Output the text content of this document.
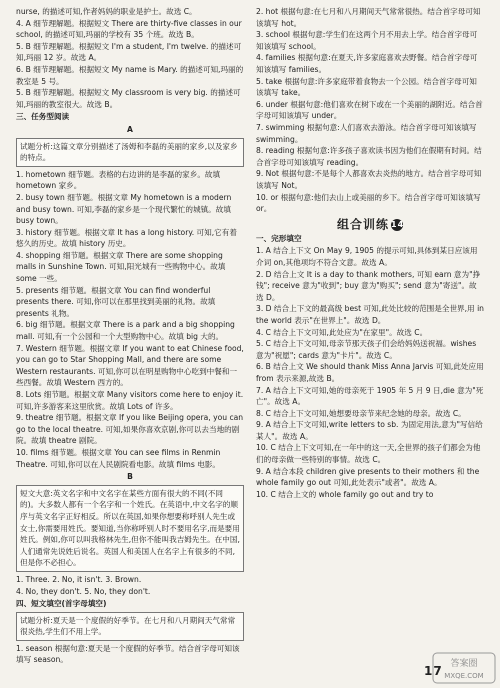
nurse, 的描述可知,作者妈妈的职业是护士。故选 C。

4. A 细节理解题。根据短文 There are thirty-five classes in our school, 的描述可知,玛丽的学校有 35 个班。故选 B。

5. B 细节理解题。根据短文 I'm a student, I'm twelve. 的描述可知,玛丽 12 岁。故选 A。

6. B 细节理解题。根据短文 My name is Mary. 的描述可知,玛丽的教室是 5 号。

5. B 细节理解题。根据短文 My classroom is very big. 的描述可知,玛丽的教室很大。故选 B。

三、任务型阅读
A
试题分析:这篇文章分别描述了汤姆和李磊的美丽的家乡,以及家乡的特点。

1. hometown 细节题。表格的右边讲的是李磊的家乡。故填 hometown 家乡。

2. busy town 细节题。根据文章 My hometown is a modern and busy town. 可知,李磊的家乡是一个现代繁忙的城镇。故填 busy town。

3. history 细节题。根据文章 It has a long history. 可知,它有着悠久的历史。故填 history 历史。

4. shopping 细节题。根据文章 There are some shopping malls in Sunshine Town. 可知,阳光城有一些购物中心。故填 some 一些。

5. presents 细节题。根据文章 You can find wonderful presents there. 可知,你可以在那里找到美丽的礼物。故填 presents 礼物。

6. big 细节题。根据文章 There is a park and a big shopping mall. 可知,有一个公园和一个大型购物中心。故填 big 大的。

7. Western 细节题。根据文章 If you want to eat Chinese food, you can go to Star Shopping Mall, and there are some Western restaurants. 可知,你可以在明星购物中心吃到中餐和一些西餐。故填 Western 西方的。

8. Lots 细节题。根据文章 Many visitors come here to enjoy it. 可知,许多游客来这里欣赏。故填 Lots of 许多。

9. theatre 细节题。根据文章 If you like Beijing opera, you can go to the local theatre. 可知,如果你喜欢京剧,你可以去当地的剧院。故填 theatre 剧院。

10. films 细节题。根据文章 You can see films in Renmin Theatre. 可知,你可以在人民剧院看电影。故填 films 电影。

B
短文大意:英文名字和中文名字在某些方面有很大的不同(不同的)。大多数人都有一个名字和一个姓氏。在英语中,中文名字的顺序与英文名字正好相反。所以在英国,如果你想要称呼别人先生或女士,你需要用姓氏。要知道,当你称呼别人时不要用名字,而是要用姓氏。例如,你可以叫我格林先生,但你不能叫我吉姆先生。在中国,人们通常先说姓后说名。英国人和美国人在名字上有很多的不同,但是你不必担心。

1. Three. 2. No, it isn't. 3. Brown.

4. No, they don't. 5. No, they don't.

四、短文填空(首字母填空)
试题分析:夏天是一个度假的好季节。在七月和八月期间天气常常很炎热,学生们不用上学。

1. season 根据句意:夏天是一个度假的好季节。结合首字母可知该填写 season。

2. hot 根据句意:在七月和八月期间天气常常很热。结合首字母可知该填写 hot。

3. school 根据句意:学生们在这两个月不用去上学。结合首字母可知该填写 school。

4. families 根据句意:在夏天,许多家庭喜欢去野餐。结合首字母可知该填写 families。

5. take 根据句意:许多家庭带着食物去一个公园。结合首字母可知该填写 take。

6. under 根据句意:他们喜欢在树下或在一个美丽的湖附近。结合首字母可知该填写 under。

7. swimming 根据句意:人们喜欢去游泳。结合首字母可知该填写 swimming。

8. reading 根据句意:许多孩子喜欢读书因为他们在假期有时间。结合首字母可知该填写 reading。

9. Not 根据句意:不是每个人都喜欢去炎热的地方。结合首字母可知该填写 Not。

10. or 根据句意:他们去山上或美丽的乡下。结合首字母可知该填写 or。

组合训练 14
一、完形填空

1. A 结合上下文 On May 9, 1905 的提示可知,具体到某日应该用介词 on,其他项均不符合文意。故选 A。

2. D 结合上文 It is a day to thank mothers, 可知 earn 意为"挣钱"; receive 意为"收到"; buy 意为"购买"; send 意为"寄送"。故选 D。

3. D 结合上下文的最高级 best 可知,此处比较的范围是全世界,用 in the world 表示"在世界上"。故选 D。

4. C 结合上下文可知,此处应为"在家里"。故选 C。

5. C 结合上下文可知,母亲节那天孩子们会给妈妈送祝福。wishes 意为"祝愿"; cards 意为"卡片"。故选 C。

6. B 结合上文 We should thank Miss Anna Jarvis 可知,此处应用 from 表示来源,故选 B。

7. A 结合上下文可知,她的母亲死于 1905 年 5 月 9 日,die 意为"死亡"。故选 A。

8. C 结合上下文可知,她想要母亲节来纪念她的母亲。故选 C。

9. A 结合上下文可知,write letters to sb. 为固定用法,意为"写信给某人"。故选 A。

10. C 结合上下文可知,在一年中的这一天,全世界的孩子们都会为他们的母亲做一些特别的事情。故选 C。

9. A 结合本段 children give presents to their mothers 和 the whole family go out 可知,此处表示"或者"。故选 A。

10. C 结合上文的 whole family go out and try to

17 答案圈
MXQE.COM
